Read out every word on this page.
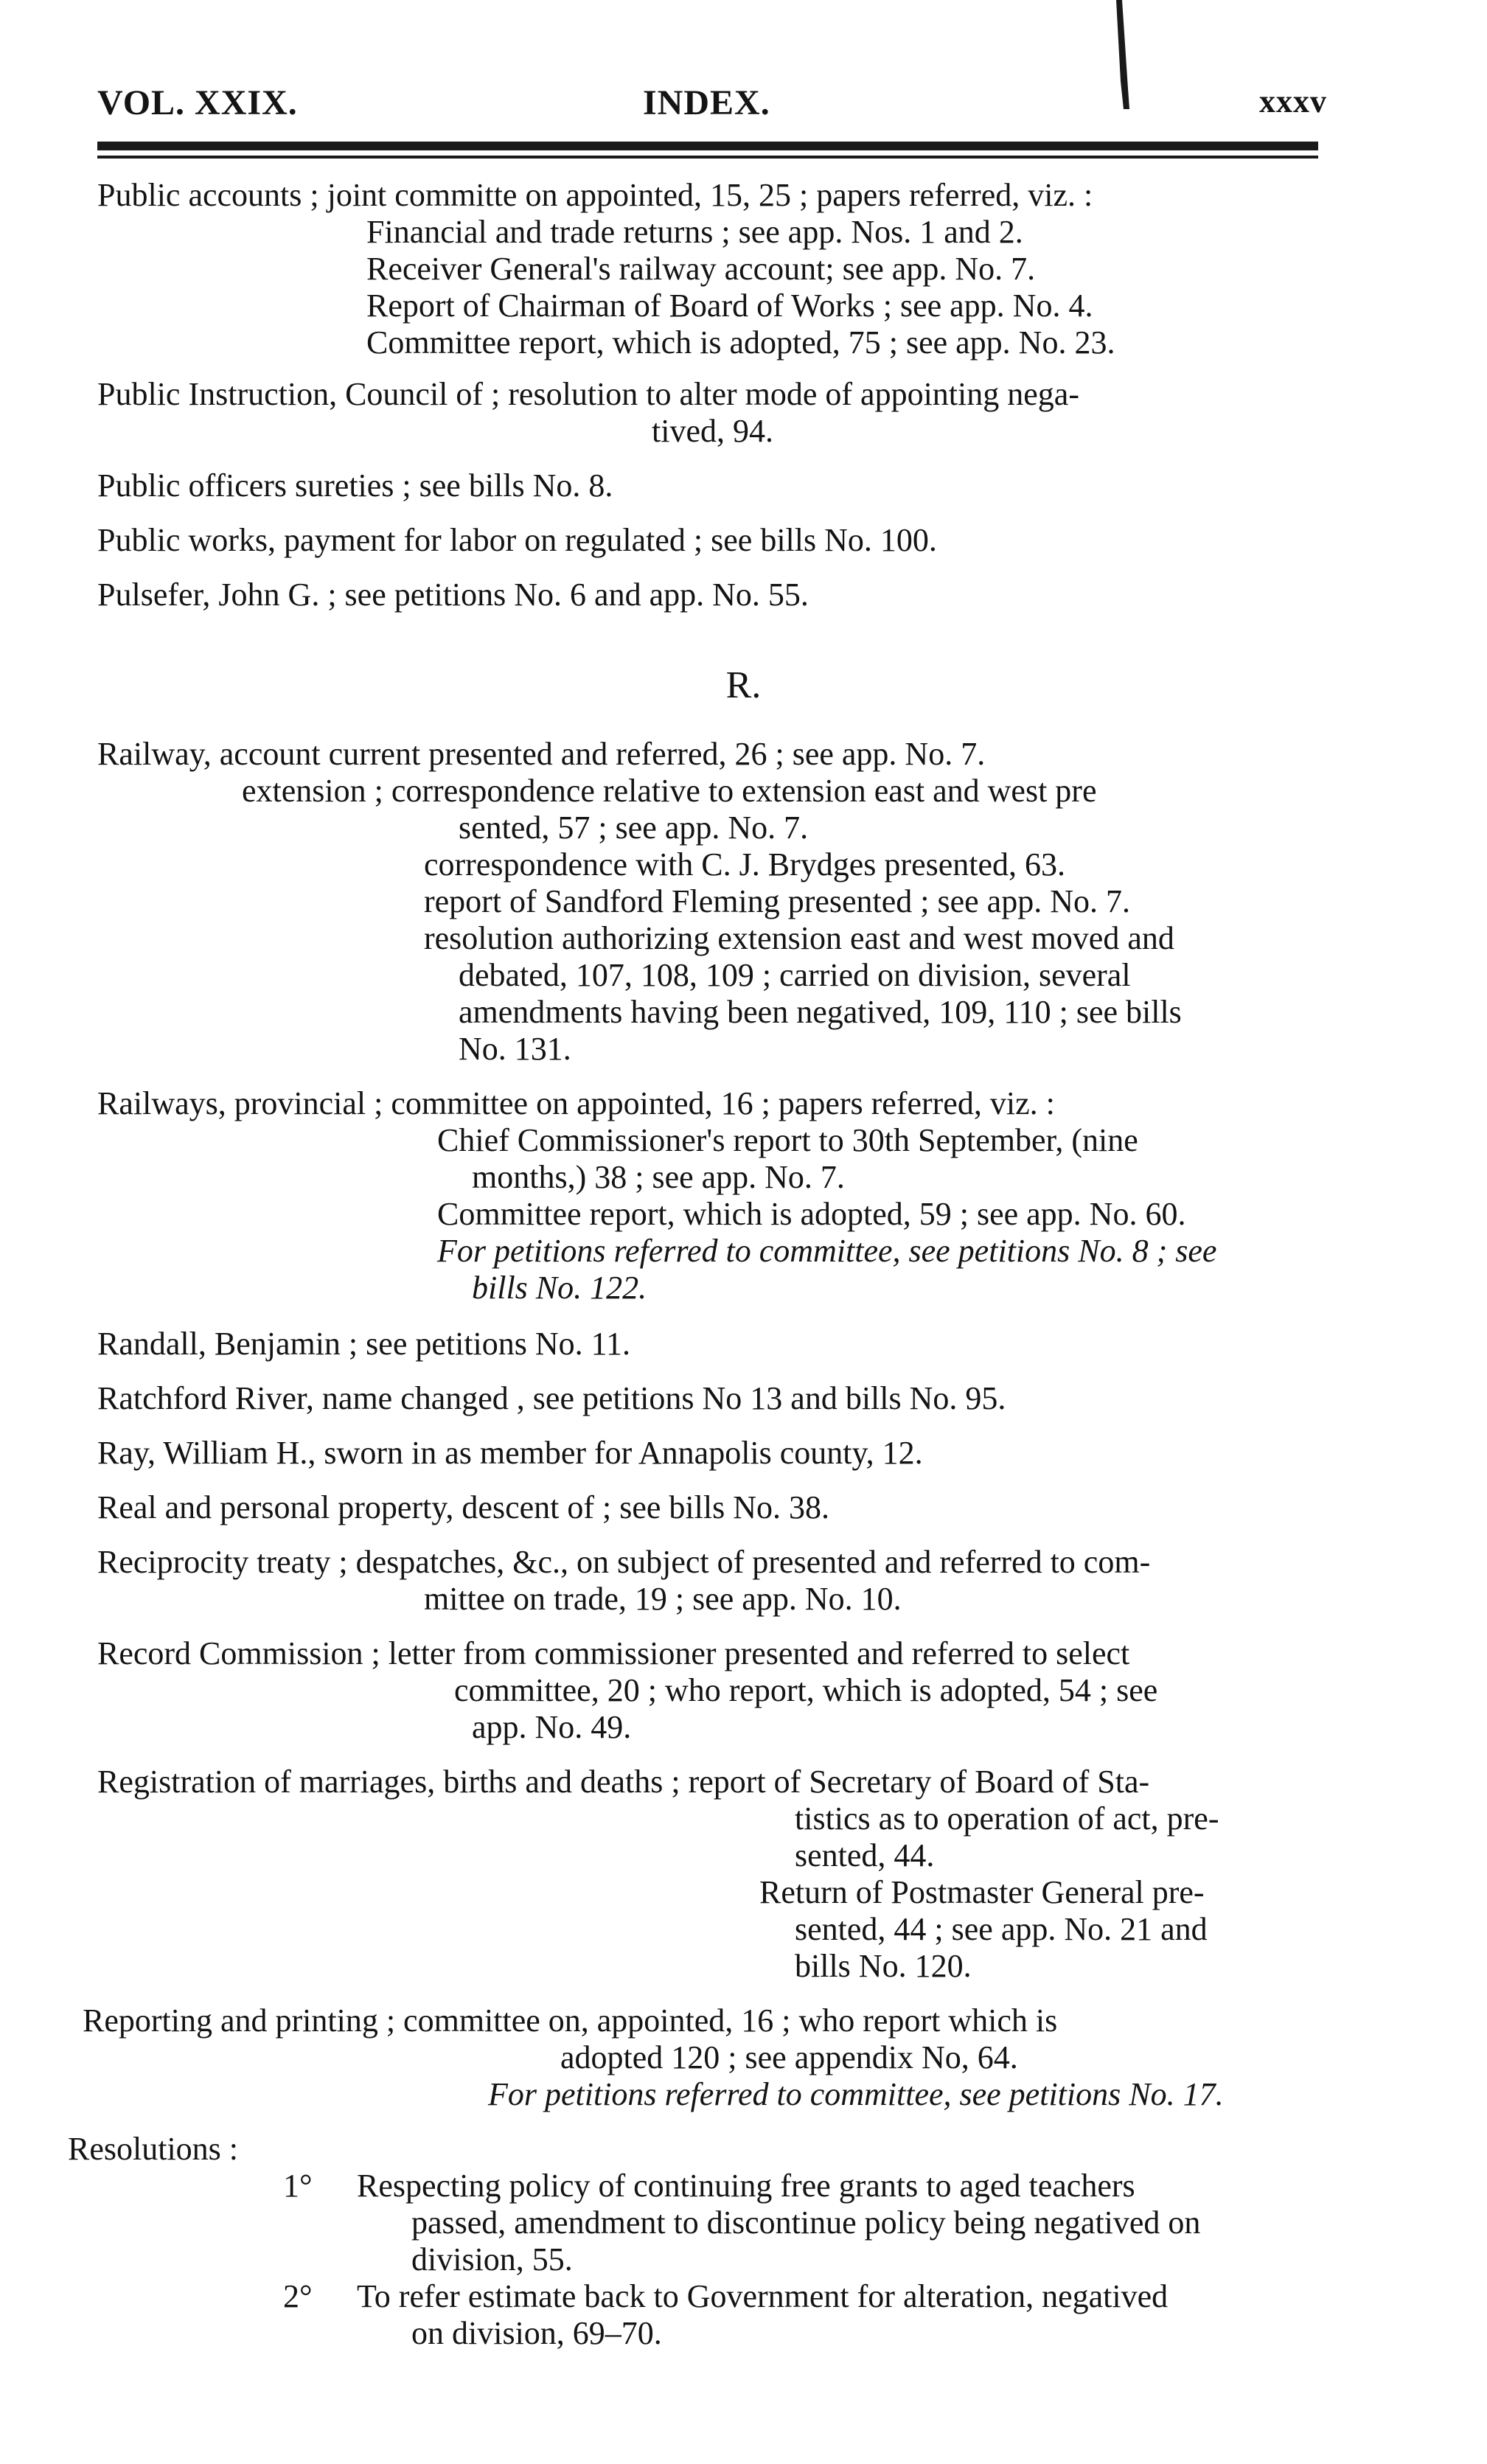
VOL. XXIX.	INDEX.	xxxv
Public accounts ; joint committe on appointed, 15, 25 ; papers referred, viz. :
Financial and trade returns ; see app. Nos. 1 and 2.
Receiver General's railway account; see app. No. 7.
Report of Chairman of Board of Works ; see app. No. 4.
Committee report, which is adopted, 75 ; see app. No. 23.
Public Instruction, Council of ; resolution to alter mode of appointing nega-
tived, 94.
Public officers sureties ; see bills No. 8.
Public works, payment for labor on regulated ; see bills No. 100.
Pulsefer, John G. ; see petitions No. 6 and app. No. 55.
R.
Railway, account current presented and referred, 26 ; see app. No. 7.
extension ; correspondence relative to extension east and west pre
sented, 57 ; see app. No. 7.
correspondence with C. J. Brydges presented, 63.
report of Sandford Fleming presented ; see app. No. 7.
resolution authorizing extension east and west moved and
debated, 107, 108, 109 ; carried on division, several
amendments having been negatived, 109, 110 ; see bills
No. 131.
Railways, provincial ; committee on appointed, 16 ; papers referred, viz. :
Chief Commissioner's report to 30th September, (nine
months,) 38 ; see app. No. 7.
Committee report, which is adopted, 59 ; see app. No. 60.
For petitions referred to committee, see petitions No. 8 ; see
bills No. 122.
Randall, Benjamin ; see petitions No. 11.
Ratchford River, name changed , see petitions No 13 and bills No. 95.
Ray, William H., sworn in as member for Annapolis county, 12.
Real and personal property, descent of ; see bills No. 38.
Reciprocity treaty ; despatches, &c., on subject of presented and referred to com-
mittee on trade, 19 ; see app. No. 10.
Record Commission ; letter from commissioner presented and referred to select
committee, 20 ; who report, which is adopted, 54 ; see
app. No. 49.
Registration of marriages, births and deaths ; report of Secretary of Board of Sta-
tistics as to operation of act, pre-
sented, 44.
Return of Postmaster General pre-
sented, 44 ; see app. No. 21 and
bills No. 120.
Reporting and printing ; committee on, appointed, 16 ; who report which is
adopted 120 ; see appendix No, 64.
For petitions referred to committee, see petitions No. 17.
Resolutions :
1° Respecting policy of continuing free grants to aged teachers
passed, amendment to discontinue policy being negatived on
division, 55.
2° To refer estimate back to Government for alteration, negatived
on division, 69–70.
